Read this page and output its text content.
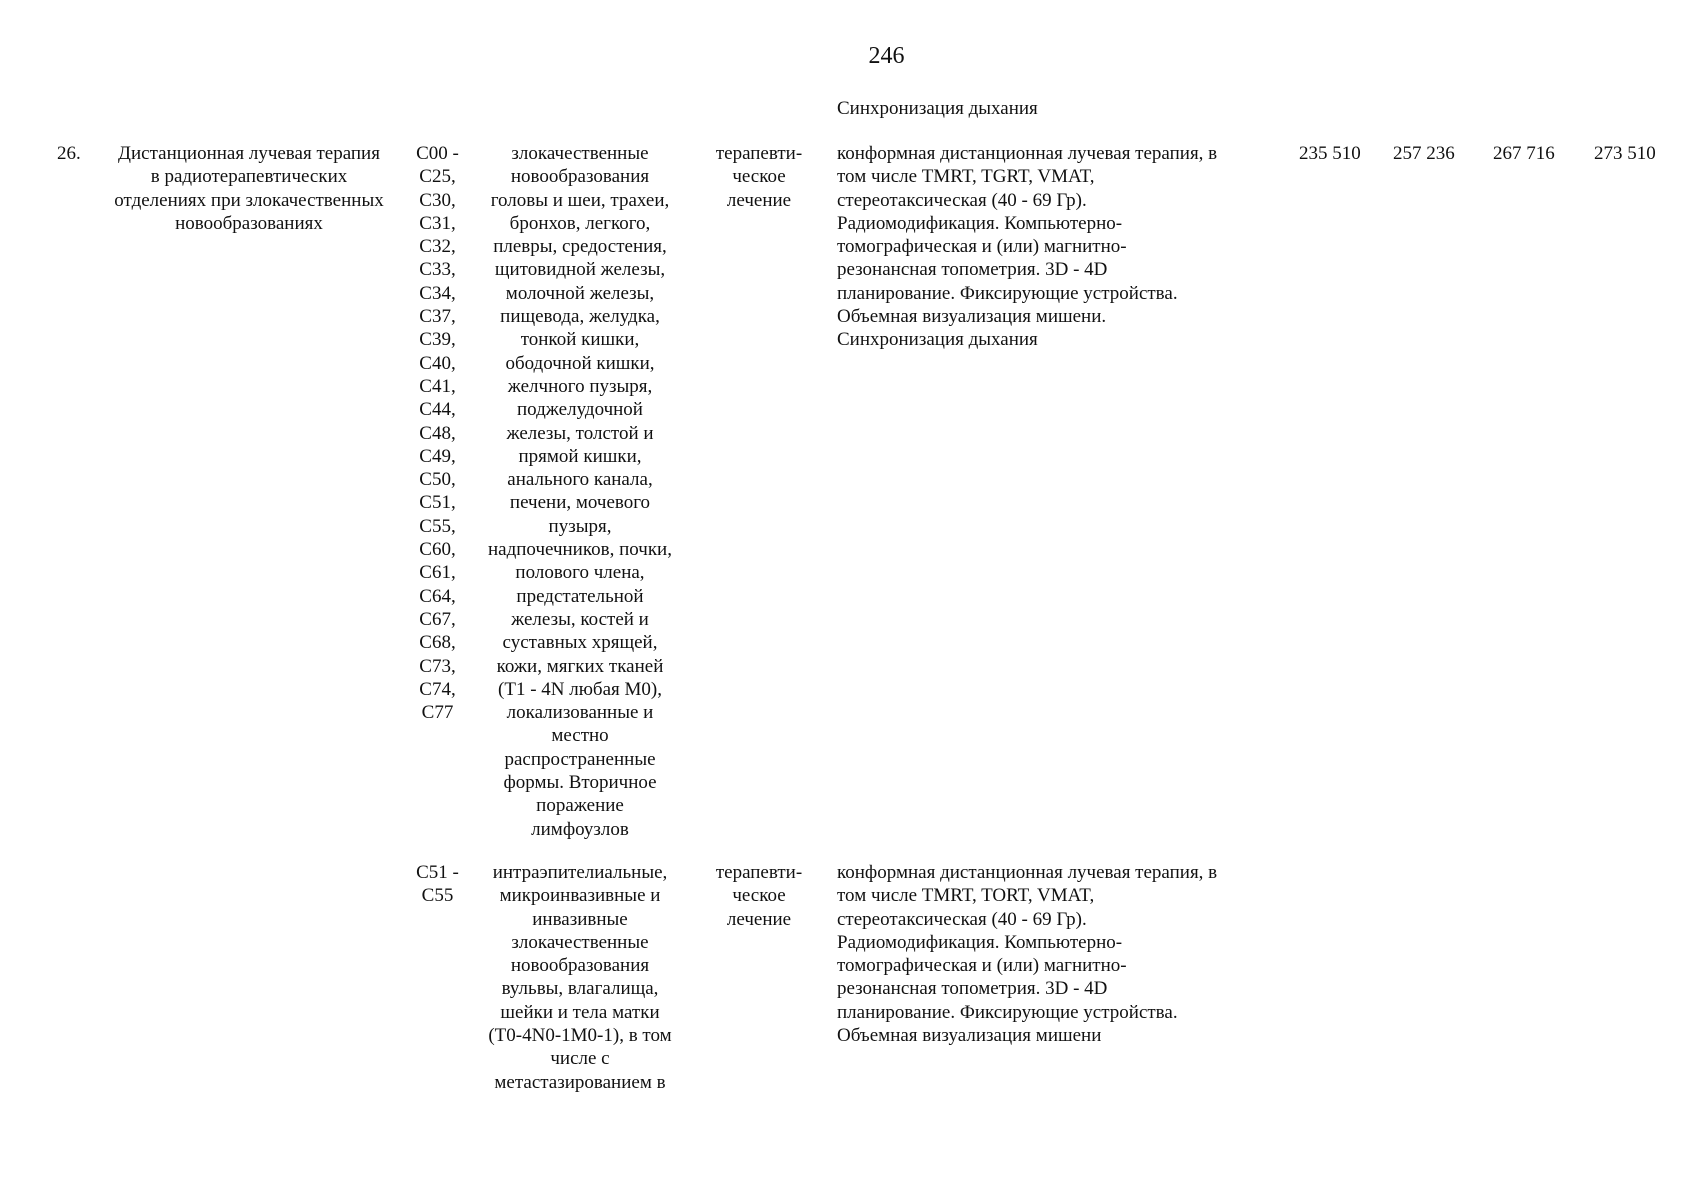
246
Синхронизация дыхания
26.	Дистанционная лучевая терапия
в радиотерапевтических
отделениях при злокачественных
новообразованиях
C00 -
C25,
C30,
C31,
C32,
C33,
C34,
C37,
C39,
C40,
C41,
C44,
C48,
C49,
C50,
C51,
C55,
C60,
C61,
C64,
C67,
C68,
C73,
C74,
C77
злокачественные
новообразования
головы и шеи, трахеи,
бронхов, легкого,
плевры, средостения,
щитовидной железы,
молочной железы,
пищевода, желудка,
тонкой кишки,
ободочной кишки,
желчного пузыря,
поджелудочной
железы, толстой и
прямой кишки,
анального канала,
печени, мочевого
пузыря,
надпочечников, почки,
полового члена,
предстательной
железы, костей и
суставных хрящей,
кожи, мягких тканей
(T1 - 4N любая M0),
локализованные и
местно
распространенные
формы. Вторичное
поражение
лимфоузлов
терапевти-
ческое
лечение
конформная дистанционная лучевая терапия, в
том числе TMRT, TGRT, VMAT,
стереотаксическая (40 - 69 Гр).
Радиомодификация. Компьютерно-
томографическая и (или) магнитно-
резонансная топометрия. 3D - 4D
планирование. Фиксирующие устройства.
Объемная визуализация мишени.
Синхронизация дыхания
235 510 257 236 267 716 273 510
C51 -
C55
интраэпителиальные,
микроинвазивные и
инвазивные
злокачественные
новообразования
вульвы, влагалища,
шейки и тела матки
(T0-4N0-1M0-1), в том
числе с
метастазированием в
терапевти-
ческое
лечение
конформная дистанционная лучевая терапия, в
том числе TMRT, TORT, VMAT,
стереотаксическая (40 - 69 Гр).
Радиомодификация. Компьютерно-
томографическая и (или) магнитно-
резонансная топометрия. 3D - 4D
планирование. Фиксирующие устройства.
Объемная визуализация мишени
